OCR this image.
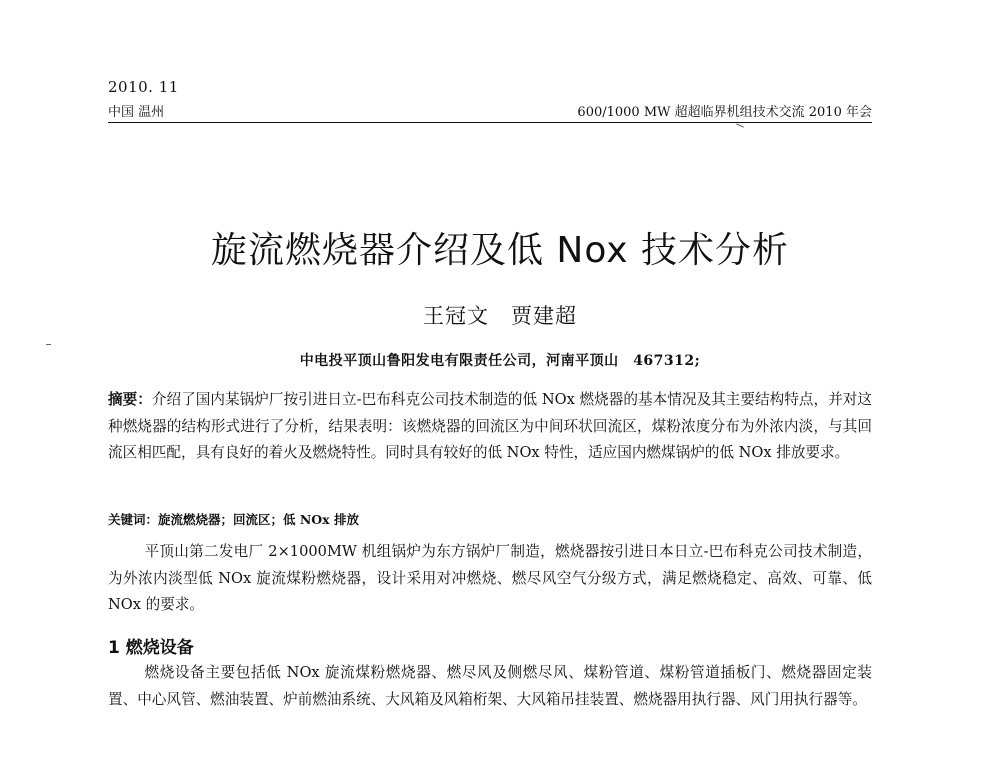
2010. 11
中国 温州	600/1000 MW 超超临界机组技术交流 2010 年会
旋流燃烧器介绍及低 Nox 技术分析
王冠文　贾建超
中电投平顶山鲁阳发电有限责任公司，河南平顶山　467312;
摘要：介绍了国内某锅炉厂按引进日立-巴布科克公司技术制造的低 NOx 燃烧器的基本情况及其主要结构特点，并对这种燃烧器的结构形式进行了分析，结果表明：该燃烧器的回流区为中间环状回流区，煤粉浓度分布为外浓内淡，与其回流区相匹配，具有良好的着火及燃烧特性。同时具有较好的低 NOx 特性，适应国内燃煤锅炉的低 NOx 排放要求。
关键词：旋流燃烧器；回流区；低 NOx 排放
平顶山第二发电厂 2×1000MW 机组锅炉为东方锅炉厂制造，燃烧器按引进日本日立-巴布科克公司技术制造，为外浓内淡型低 NOx 旋流煤粉燃烧器，设计采用对冲燃烧、燃尽风空气分级方式，满足燃烧稳定、高效、可靠、低 NOx 的要求。
1 燃烧设备
燃烧设备主要包括低 NOx 旋流煤粉燃烧器、燃尽风及侧燃尽风、煤粉管道、煤粉管道插板门、燃烧器固定装置、中心风管、燃油装置、炉前燃油系统、大风箱及风箱桁架、大风箱吊挂装置、燃烧器用执行器、风门用执行器等。
